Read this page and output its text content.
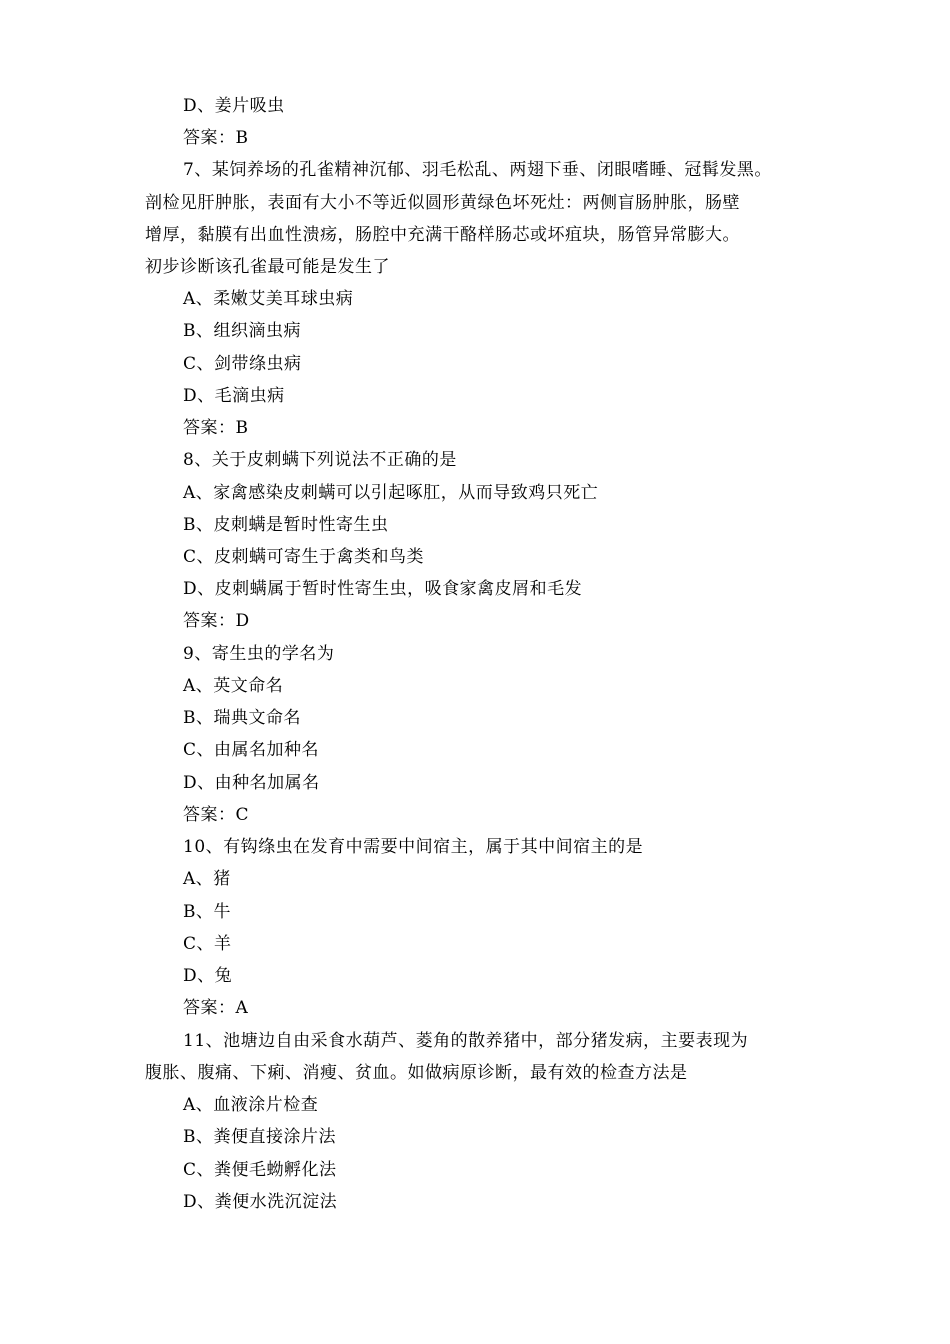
D、姜片吸虫
答案：B
7、某饲养场的孔雀精神沉郁、羽毛松乱、两翅下垂、闭眼嗜睡、冠髯发黑。
剖检见肝肿胀，表面有大小不等近似圆形黄绿色坏死灶：两侧盲肠肿胀，肠壁
增厚，黏膜有出血性溃疡，肠腔中充满干酪样肠芯或坏疽块，肠管异常膨大。
初步诊断该孔雀最可能是发生了
A、柔嫩艾美耳球虫病
B、组织滴虫病
C、剑带绦虫病
D、毛滴虫病
答案：B
8、关于皮刺螨下列说法不正确的是
A、家禽感染皮刺螨可以引起啄肛，从而导致鸡只死亡
B、皮刺螨是暂时性寄生虫
C、皮刺螨可寄生于禽类和鸟类
D、皮刺螨属于暂时性寄生虫，吸食家禽皮屑和毛发
答案：D
9、寄生虫的学名为
A、英文命名
B、瑞典文命名
C、由属名加种名
D、由种名加属名
答案：C
10、有钩绦虫在发育中需要中间宿主，属于其中间宿主的是
A、猪
B、牛
C、羊
D、兔
答案：A
11、池塘边自由采食水葫芦、菱角的散养猪中，部分猪发病，主要表现为
腹胀、腹痛、下痢、消瘦、贫血。如做病原诊断，最有效的检查方法是
A、血液涂片检查
B、粪便直接涂片法
C、粪便毛蚴孵化法
D、粪便水洗沉淀法
